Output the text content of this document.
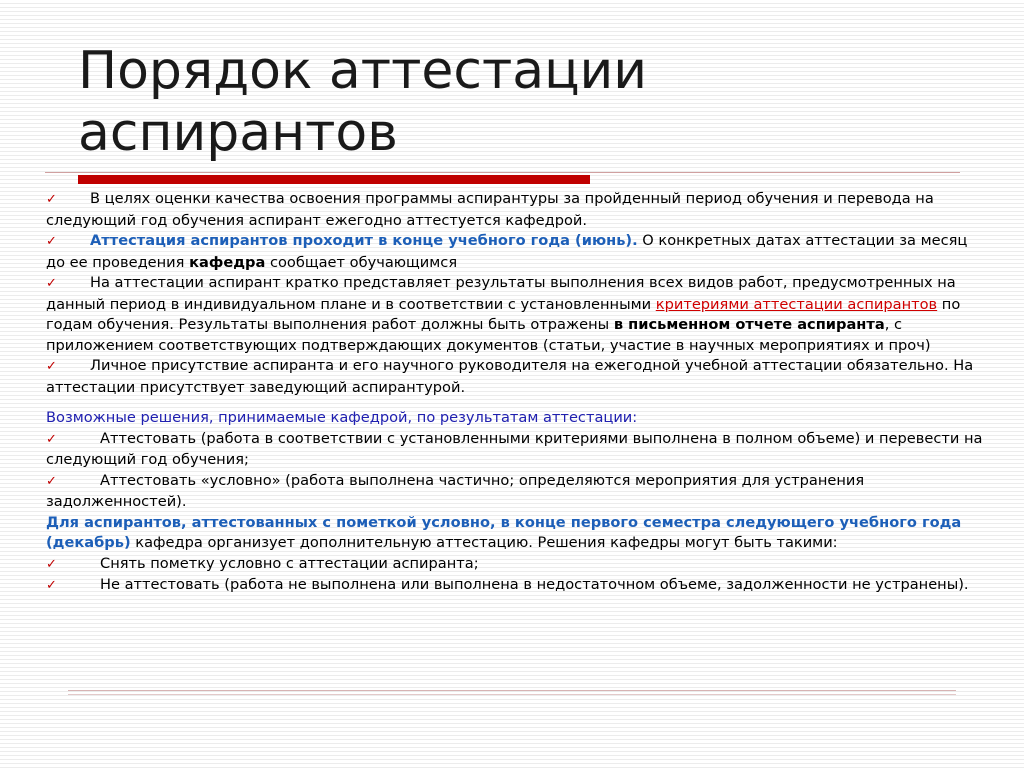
Порядок аттестации аспирантов

✓ В целях оценки качества освоения программы аспирантуры за пройденный период обучения и перевода на следующий год обучения аспирант ежегодно аттестуется кафедрой.

✓ Аттестация аспирантов проходит в конце учебного года (июнь). О конкретных датах аттестации за месяц до ее проведения кафедра сообщает обучающимся

✓ На аттестации аспирант кратко представляет результаты выполнения всех видов работ, предусмотренных на данный период в индивидуальном плане и в соответствии с установленными критериями аттестации аспирантов по годам обучения. Результаты выполнения работ должны быть отражены в письменном отчете аспиранта, с приложением соответствующих подтверждающих документов (статьи, участие в научных мероприятиях и проч)

✓ Личное присутствие аспиранта и его научного руководителя на ежегодной учебной аттестации обязательно. На аттестации присутствует заведующий аспирантурой.

Возможные решения, принимаемые кафедрой, по результатам аттестации:

✓	Аттестовать (работа в соответствии с установленными критериями выполнена в полном объеме) и перевести на следующий год обучения;

✓	Аттестовать «условно» (работа выполнена частично; определяются мероприятия для устранения задолженностей).

Для аспирантов, аттестованных с пометкой условно, в конце первого семестра следующего учебного года (декабрь) кафедра организует дополнительную аттестацию. Решения кафедры могут быть такими:

✓	Снять пометку условно с аттестации аспиранта;

✓	Не аттестовать (работа не выполнена или выполнена в недостаточном объеме, задолженности не устранены).
